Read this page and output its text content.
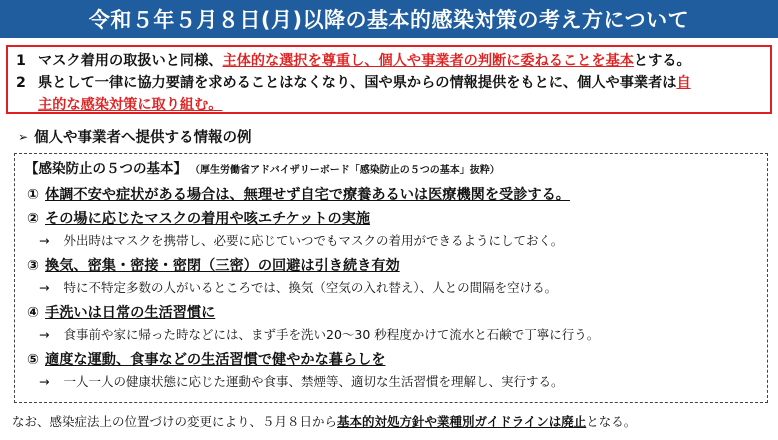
令和５年５月８日(月)以降の基本的感染対策の考え方について
1 マスク着用の取扱いと同様、主体的な選択を尊重し、個人や事業者の判断に委ねることを基本とする。
2 県として一律に協力要請を求めることはなくなり、国や県からの情報提供をもとに、個人や事業者は自
主的な感染対策に取り組む。
➢ 個人や事業者へ提供する情報の例
【感染防止の５つの基本】 （厚生労働省アドバイザリーボード「感染防止の５つの基本」抜粋）
① 体調不安や症状がある場合は、無理せず自宅で療養あるいは医療機関を受診する。
② その場に応じたマスクの着用や咳エチケットの実施
→ 外出時はマスクを携帯し、必要に応じていつでもマスクの着用ができるようにしておく。
③ 換気、密集・密接・密閉（三密）の回避は引き続き有効
→ 特に不特定多数の人がいるところでは、換気（空気の入れ替え）、人との間隔を空ける。
④ 手洗いは日常の生活習慣に
→ 食事前や家に帰った時などには、まず手を洗い20～30 秒程度かけて流水と石鹸で丁寧に行う。
⑤ 適度な運動、食事などの生活習慣で健やかな暮らしを
→ 一人一人の健康状態に応じた運動や食事、禁煙等、適切な生活習慣を理解し、実行する。
なお、感染症法上の位置づけの変更により、５月８日から基本的対処方針や業種別ガイドラインは廃止となる。
